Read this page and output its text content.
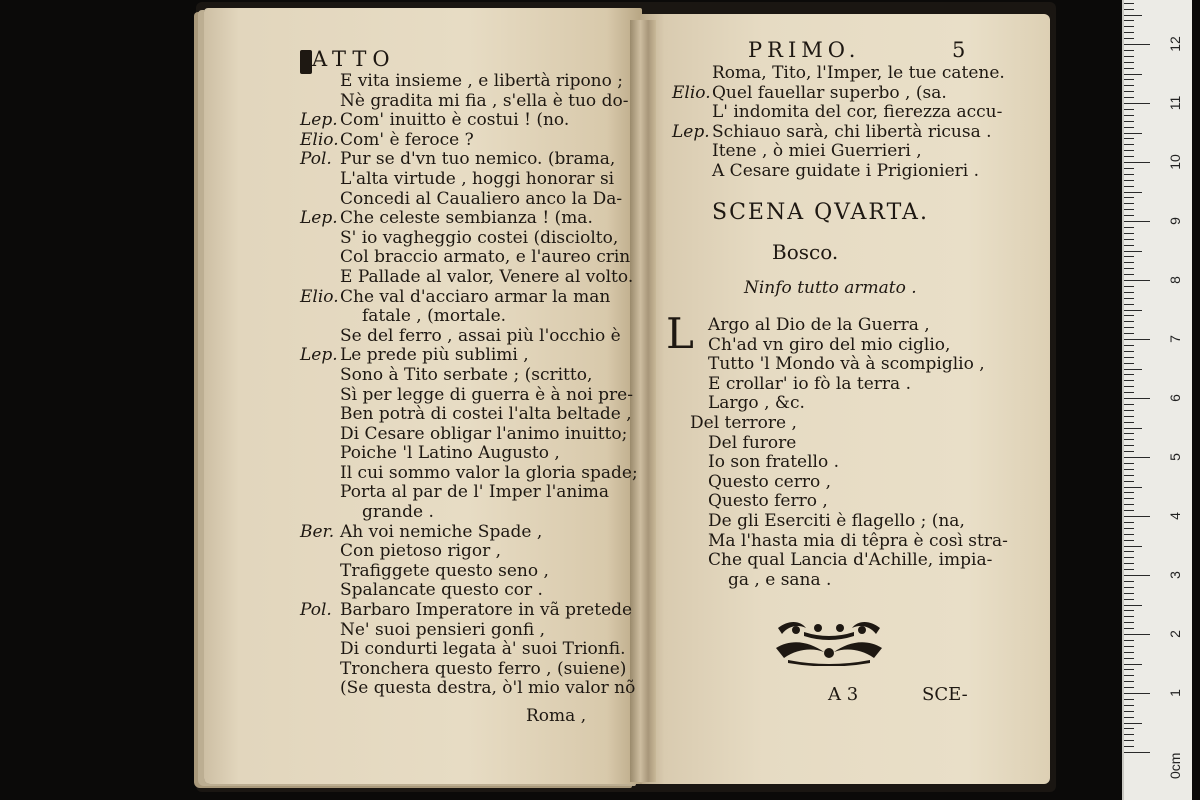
ATTO
E vita insieme , e libertà ripono ;
Nè gradita mi fia , s'ella è tuo do-
Lep. Com' inuitto è costui ! (no.
Elio.Com' è feroce ?
Pol. Pur se d'vn tuo nemico. (brama,
L'alta virtude , hoggi honorar si
Concedi al Caualiero anco la Da-
Lep. Che celeste sembianza ! (ma.
S' io vagheggio costei (disciolto,
Col braccio armato, e l'aureo crin
E Pallade al valor, Venere al volto.
Elio.Che val d'acciaro armar la man
fatale , (mortale.
Se del ferro , assai più l'occhio è
Lep. Le prede più sublimi ,
Sono à Tito serbate ; (scritto,
Sì per legge di guerra è à noi pre-
Ben potrà di costei l'alta beltade ,
Di Cesare obligar l'animo inuitto;
Poiche 'l Latino Augusto ,
Il cui sommo valor la gloria spade;
Porta al par de l' Imper l'anima
grande .
Ber. Ah voi nemiche Spade ,
Con pietoso rigor ,
Trafiggete questo seno ,
Spalancate questo cor .
Pol. Barbaro Imperatore in vã pretede
Ne' suoi pensieri gonfi ,
Di condurti legata à' suoi Trionfi.
Tronchera questo ferro , (suiene)
(Se questa destra, ò'l mio valor nõ
Roma ,
PRIMO.	5
Roma, Tito, l'Imper, le tue catene.
Elio.Quel fauellar superbo , (sa.
L' indomita del cor, fierezza accu-
Lep. Schiauo sarà, chi libertà ricusa .
Itene , ò miei Guerrieri ,
A Cesare guidate i Prigionieri .
SCENA QVARTA.
Bosco.
Ninfo tutto armato .
L Argo al Dio de la Guerra ,
Ch'ad vn giro del mio ciglio,
Tutto 'l Mondo và à scompiglio ,
E crollar' io fò la terra .
Largo , &c.
Del terrore ,
Del furore
Io son fratello .
Questo cerro ,
Questo ferro ,
De gli Eserciti è flagello ; (na,
Ma l'hasta mia di têpra è così stra-
Che qual Lancia d'Achille, impia-
ga , e sana .
A 3	SCE-
0cm
1
2
3
4
5
6
7
8
9
10
11
12
